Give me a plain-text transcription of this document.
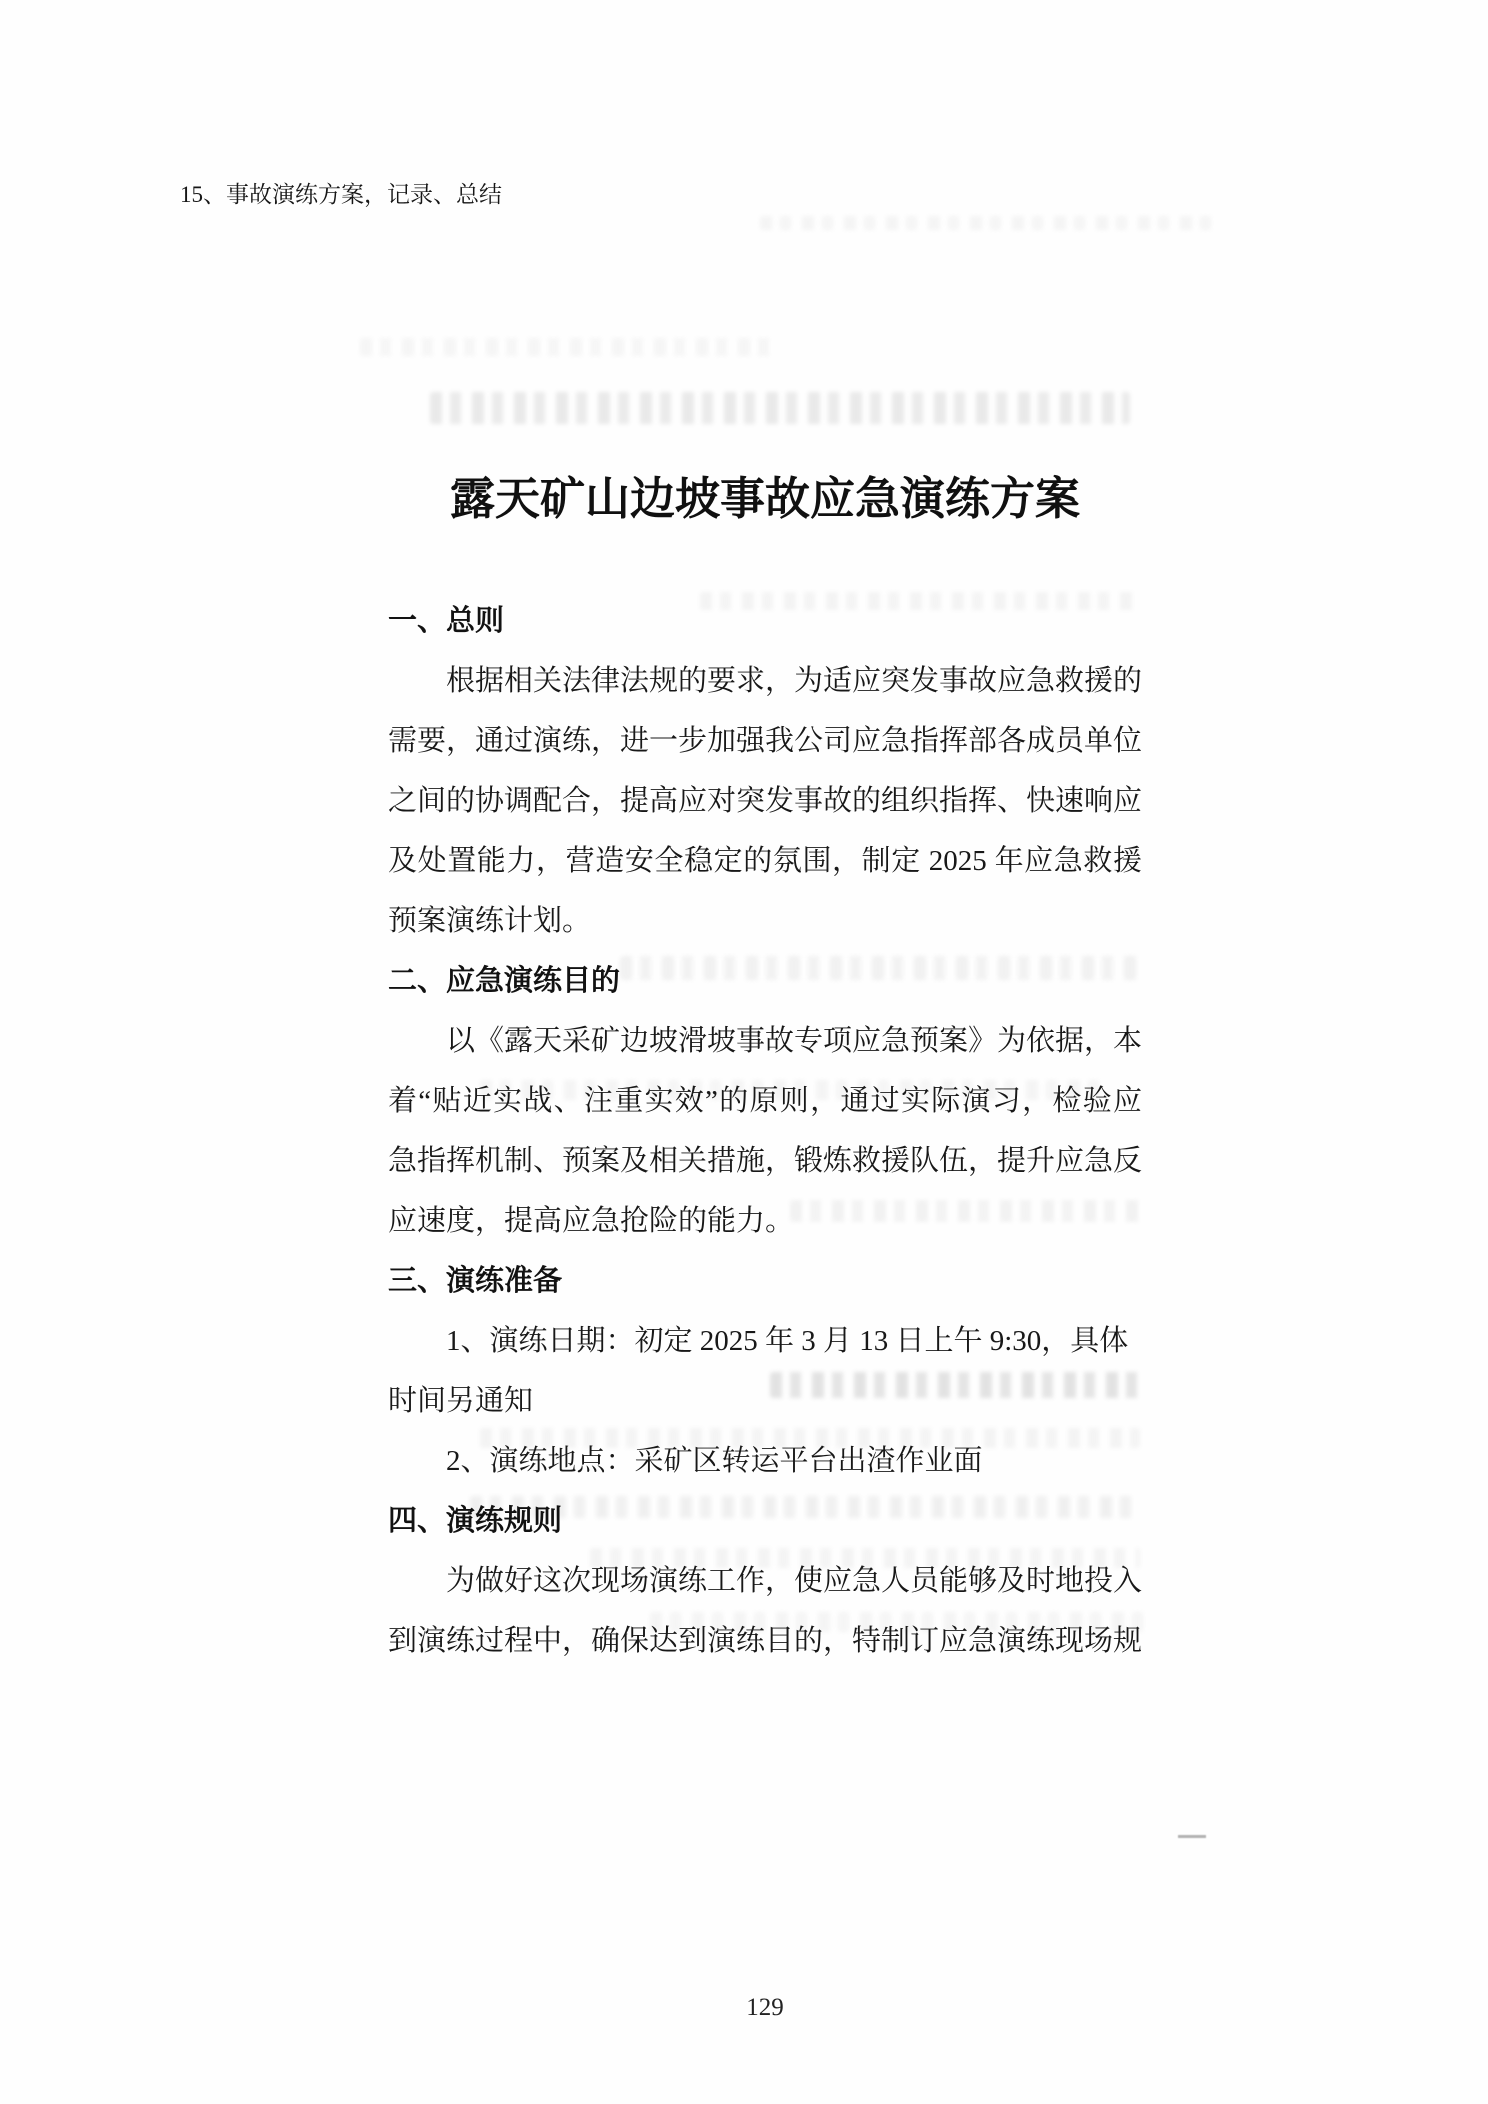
15、事故演练方案，记录、总结
露天矿山边坡事故应急演练方案
一、总则
根据相关法律法规的要求，为适应突发事故应急救援的
需要，通过演练，进一步加强我公司应急指挥部各成员单位
之间的协调配合，提高应对突发事故的组织指挥、快速响应
及处置能力，营造安全稳定的氛围，制定 2025 年应急救援
预案演练计划。
二、应急演练目的
以《露天采矿边坡滑坡事故专项应急预案》为依据，本
着“贴近实战、注重实效”的原则，通过实际演习，检验应
急指挥机制、预案及相关措施，锻炼救援队伍，提升应急反
应速度，提高应急抢险的能力。
三、演练准备
1、演练日期：初定 2025 年 3 月 13 日上午 9:30，具体
时间另通知
2、演练地点：采矿区转运平台出渣作业面
四、演练规则
为做好这次现场演练工作，使应急人员能够及时地投入
到演练过程中，确保达到演练目的，特制订应急演练现场规
129
